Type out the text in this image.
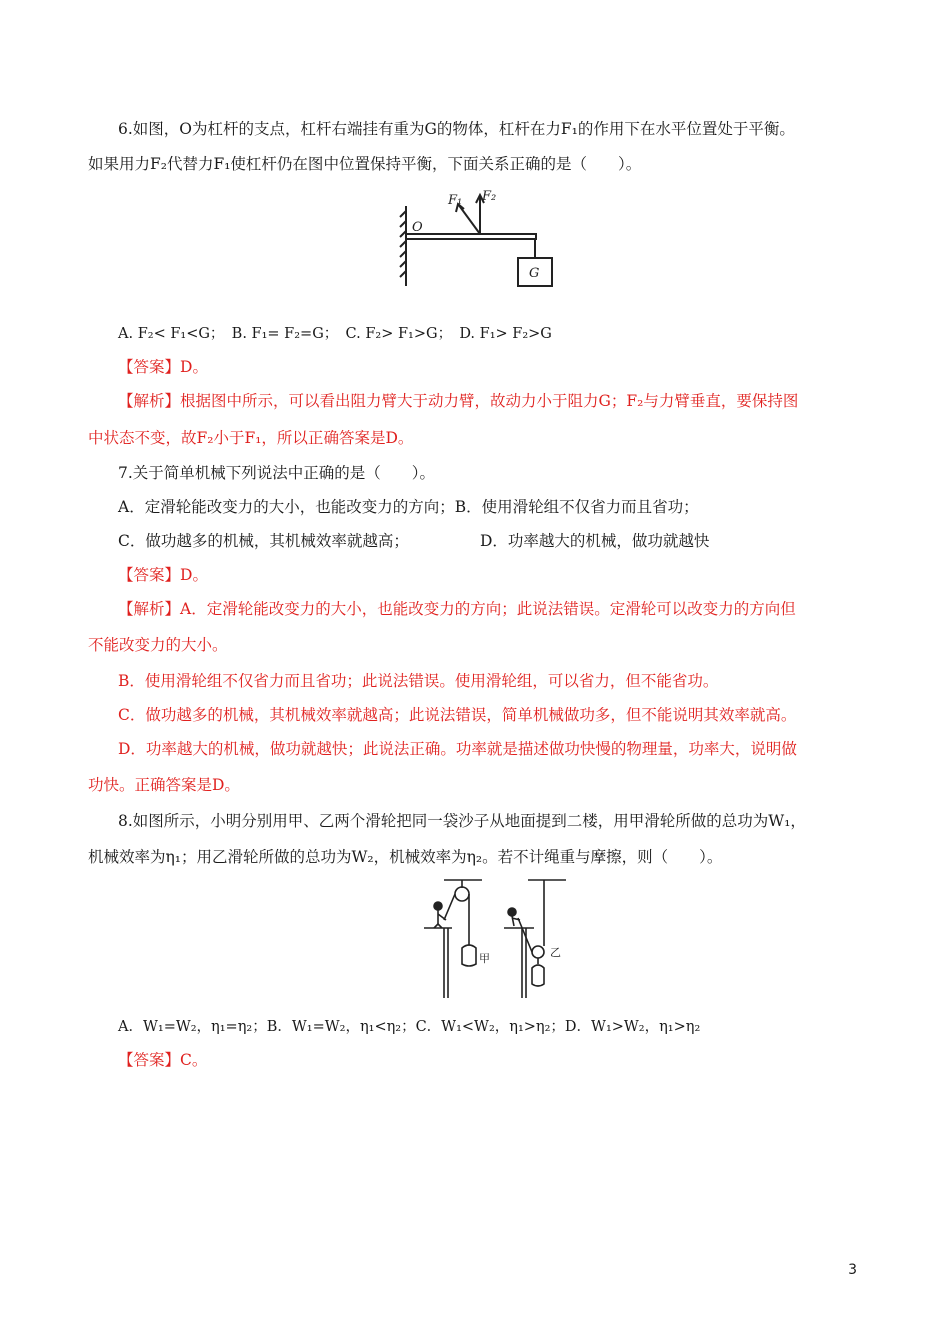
6.如图，O为杠杆的支点，杠杆右端挂有重为G的物体，杠杆在力F₁的作用下在水平位置处于平衡。
如果用力F₂代替力F₁使杠杆仍在图中位置保持平衡，下面关系正确的是（　　）。
O
F₁ F₂
G
A. F₂< F₁<G；　B. F₁= F₂=G；　C. F₂> F₁>G；　D. F₁> F₂>G
【答案】D。
【解析】根据图中所示，可以看出阻力臂大于动力臂，故动力小于阻力G；F₂与力臂垂直，要保持图
中状态不变，故F₂小于F₁，所以正确答案是D。
7.关于简单机械下列说法中正确的是（　　）。
A．定滑轮能改变力的大小，也能改变力的方向；B．使用滑轮组不仅省力而且省功；
C．做功越多的机械，其机械效率就越高；	D．功率越大的机械，做功就越快
【答案】D。
【解析】A．定滑轮能改变力的大小，也能改变力的方向；此说法错误。定滑轮可以改变力的方向但
不能改变力的大小。
B．使用滑轮组不仅省力而且省功；此说法错误。使用滑轮组，可以省力，但不能省功。
C．做功越多的机械，其机械效率就越高；此说法错误，简单机械做功多，但不能说明其效率就高。
D．功率越大的机械，做功就越快；此说法正确。功率就是描述做功快慢的物理量，功率大，说明做
功快。正确答案是D。
8.如图所示，小明分别用甲、乙两个滑轮把同一袋沙子从地面提到二楼，用甲滑轮所做的总功为W₁，
机械效率为η₁；用乙滑轮所做的总功为W₂，机械效率为η₂。若不计绳重与摩擦，则（　　）。
甲	乙
A．W₁=W₂，η₁=η₂；B．W₁=W₂，η₁<η₂；C．W₁<W₂，η₁>η₂；D．W₁>W₂，η₁>η₂
【答案】C。
3
